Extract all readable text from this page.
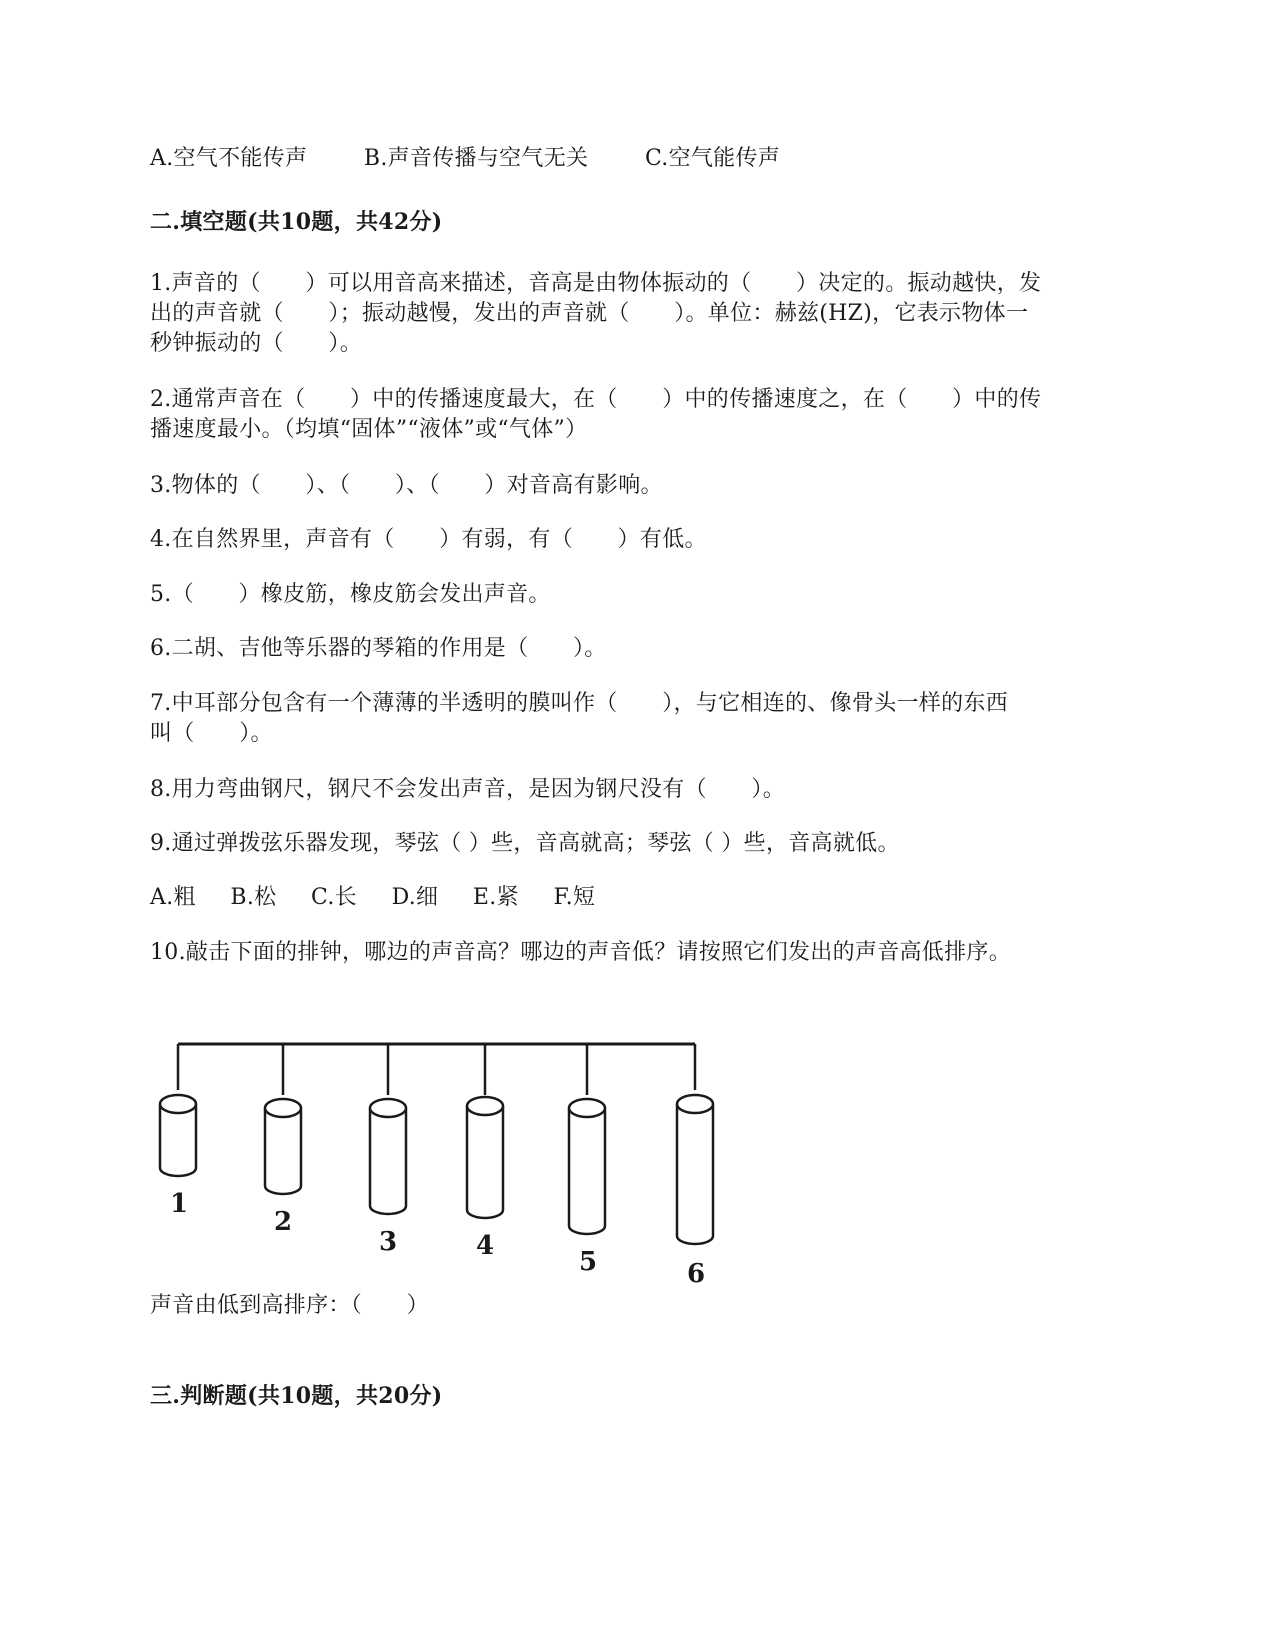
A.空气不能传声	B.声音传播与空气无关	C.空气能传声
二.填空题(共10题，共42分)
1.声音的（　　）可以用音高来描述，音高是由物体振动的（　　）决定的。振动越快，发
出的声音就（　　）；振动越慢，发出的声音就（　　）。单位：赫兹(HZ)，它表示物体一
秒钟振动的（　　）。
2.通常声音在（　　）中的传播速度最大，在（　　）中的传播速度之，在（　　）中的传
播速度最小。（均填“固体”“液体”或“气体”）
3.物体的（　　）、（　　）、（　　）对音高有影响。
4.在自然界里，声音有（　　）有弱，有（　　）有低。
5.（　　）橡皮筋，橡皮筋会发出声音。
6.二胡、吉他等乐器的琴箱的作用是（　　）。
7.中耳部分包含有一个薄薄的半透明的膜叫作（　　），与它相连的、像骨头一样的东西
叫（　　）。
8.用力弯曲钢尺，钢尺不会发出声音，是因为钢尺没有（　　）。
9.通过弹拨弦乐器发现，琴弦（ ）些，音高就高；琴弦（ ）些，音高就低。
A.粗 B.松 C.长 D.细 E.紧 F.短
10.敲击下面的排钟，哪边的声音高？哪边的声音低？请按照它们发出的声音高低排序。
1
2
3	4
5	6
声音由低到高排序：（　　）
三.判断题(共10题，共20分)
